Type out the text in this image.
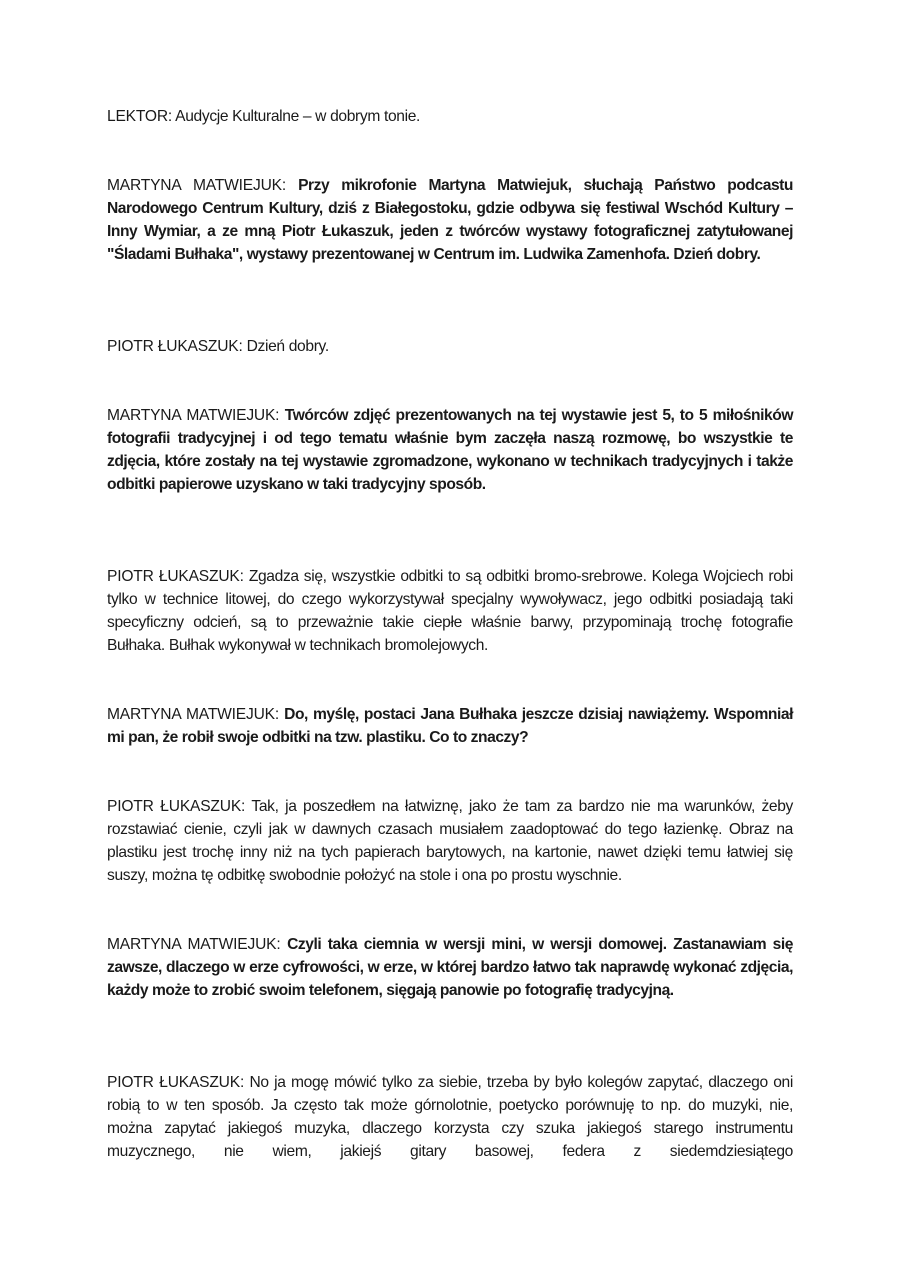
LEKTOR: Audycje Kulturalne – w dobrym tonie.

MARTYNA MATWIEJUK: Przy mikrofonie Martyna Matwiejuk, słuchają Państwo podcastu Narodowego Centrum Kultury, dziś z Białegostoku, gdzie odbywa się festiwal Wschód Kultury – Inny Wymiar, a ze mną Piotr Łukaszuk, jeden z twórców wystawy fotograficznej zatytułowanej "Śladami Bułhaka", wystawy prezentowanej w Centrum im. Ludwika Zamenhofa. Dzień dobry.

PIOTR ŁUKASZUK: Dzień dobry.

MARTYNA MATWIEJUK: Twórców zdjęć prezentowanych na tej wystawie jest 5, to 5 miłośników fotografii tradycyjnej i od tego tematu właśnie bym zaczęła naszą rozmowę, bo wszystkie te zdjęcia, które zostały na tej wystawie zgromadzone, wykonano w technikach tradycyjnych i także odbitki papierowe uzyskano w taki tradycyjny sposób.

PIOTR ŁUKASZUK: Zgadza się, wszystkie odbitki to są odbitki bromo-srebrowe. Kolega Wojciech robi tylko w technice litowej, do czego wykorzystywał specjalny wywoływacz, jego odbitki posiadają taki specyficzny odcień, są to przeważnie takie ciepłe właśnie barwy, przypominają trochę fotografie Bułhaka. Bułhak wykonywał w technikach bromolejowych.

MARTYNA MATWIEJUK: Do, myślę, postaci Jana Bułhaka jeszcze dzisiaj nawiążemy. Wspomniał mi pan, że robił swoje odbitki na tzw. plastiku. Co to znaczy?

PIOTR ŁUKASZUK: Tak, ja poszedłem na łatwiznę, jako że tam za bardzo nie ma warunków, żeby rozstawiać cienie, czyli jak w dawnych czasach musiałem zaadoptować do tego łazienkę. Obraz na plastiku jest trochę inny niż na tych papierach barytowych, na kartonie, nawet dzięki temu łatwiej się suszy, można tę odbitkę swobodnie położyć na stole i ona po prostu wyschnie.

MARTYNA MATWIEJUK: Czyli taka ciemnia w wersji mini, w wersji domowej. Zastanawiam się zawsze, dlaczego w erze cyfrowości, w erze, w której bardzo łatwo tak naprawdę wykonać zdjęcia, każdy może to zrobić swoim telefonem, sięgają panowie po fotografię tradycyjną.

PIOTR ŁUKASZUK: No ja mogę mówić tylko za siebie, trzeba by było kolegów zapytać, dlaczego oni robią to w ten sposób. Ja często tak może górnolotnie, poetycko porównuję to np. do muzyki, nie, można zapytać jakiegoś muzyka, dlaczego korzysta czy szuka jakiegoś starego instrumentu muzycznego, nie wiem, jakiejś gitary basowej, federa z siedemdziesiątego
